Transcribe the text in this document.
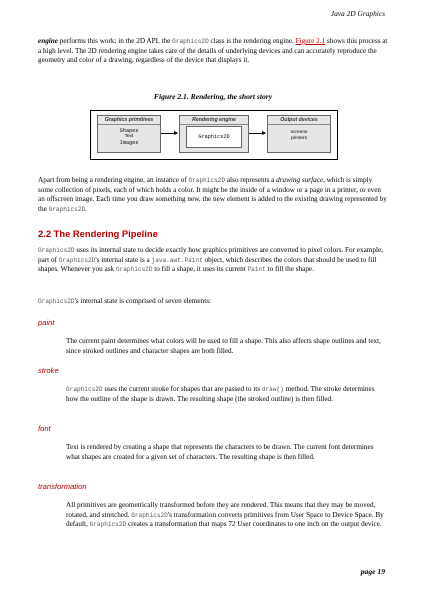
Java 2D Graphics

engine performs this work; in the 2D API, the Graphics2D class is the rendering engine. Figure 2.1 shows this process at a high level. The 2D rendering engine takes care of the details of underlying devices and can accurately reproduce the geometry and color of a drawing, regardless of the device that displays it.

Figure 2.1. Rendering, the short story
Graphics primitives
Shapes
Text
Images
Rendering engine
Graphics2D
Output devices
screens
printers

Apart from being a rendering engine, an instance of Graphics2D also represents a drawing surface, which is simply some collection of pixels, each of which holds a color. It might be the inside of a window or a page in a printer, or even an offscreen image. Each time you draw something new, the new element is added to the existing drawing represented by the Graphics2D.

2.2 The Rendering Pipeline

Graphics2D uses its internal state to decide exactly how graphics primitives are converted to pixel colors. For example, part of Graphics2D's internal state is a java.awt.Paint object, which describes the colors that should be used to fill shapes. Whenever you ask Graphics2D to fill a shape, it uses its current Paint to fill the shape.

Graphics2D's internal state is comprised of seven elements:

paint

The current paint determines what colors will be used to fill a shape. This also affects shape outlines and text, since stroked outlines and character shapes are both filled.

stroke

Graphics2D uses the current stroke for shapes that are passed to its draw() method. The stroke determines how the outline of the shape is drawn. The resulting shape (the stroked outline) is then filled.

font

Text is rendered by creating a shape that represents the characters to be drawn. The current font determines what shapes are created for a given set of characters. The resulting shape is then filled.

transformation

All primitives are geometrically transformed before they are rendered. This means that they may be moved, rotated, and stretched. Graphics2D's transformation converts primitives from User Space to Device Space. By default, Graphics2D creates a transformation that maps 72 User coordinates to one inch on the output device.

page 19
